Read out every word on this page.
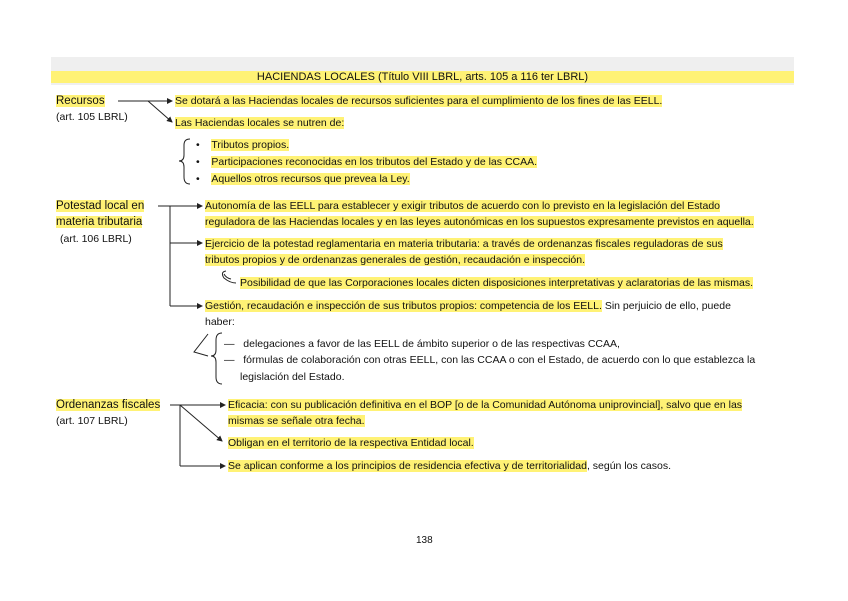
HACIENDAS LOCALES (Título VIII LBRL, arts. 105 a 116 ter LBRL)
Recursos
(art. 105 LBRL)
Se dotará a las Haciendas locales de recursos suficientes para el cumplimiento de los fines de las EELL.
Las Haciendas locales se nutren de:
•    Tributos propios.
•    Participaciones reconocidas en los tributos del Estado y de las CCAA.
•    Aquellos otros recursos que prevea la Ley.
Potestad local en
materia tributaria
(art. 106 LBRL)
Autonomía de las EELL para establecer y exigir tributos de acuerdo con lo previsto en la legislación del Estado
reguladora de las Haciendas locales y en las leyes autonómicas en los supuestos expresamente previstos en aquella.
Ejercicio de la potestad reglamentaria en materia tributaria: a través de ordenanzas fiscales reguladoras de sus
tributos propios y de ordenanzas generales de gestión, recaudación e inspección.
Posibilidad de que las Corporaciones locales dicten disposiciones interpretativas y aclaratorias de las mismas.
Gestión, recaudación e inspección de sus tributos propios: competencia de los EELL. Sin perjuicio de ello, puede
haber:
—   delegaciones a favor de las EELL de ámbito superior o de las respectivas CCAA,
—   fórmulas de colaboración con otras EELL, con las CCAA o con el Estado, de acuerdo con lo que establezca la
legislación del Estado.
Ordenanzas fiscales
(art. 107 LBRL)
Eficacia: con su publicación definitiva en el BOP [o de la Comunidad Autónoma uniprovincial], salvo que en las
mismas se señale otra fecha.
Obligan en el territorio de la respectiva Entidad local.
Se aplican conforme a los principios de residencia efectiva y de territorialidad, según los casos.
138
